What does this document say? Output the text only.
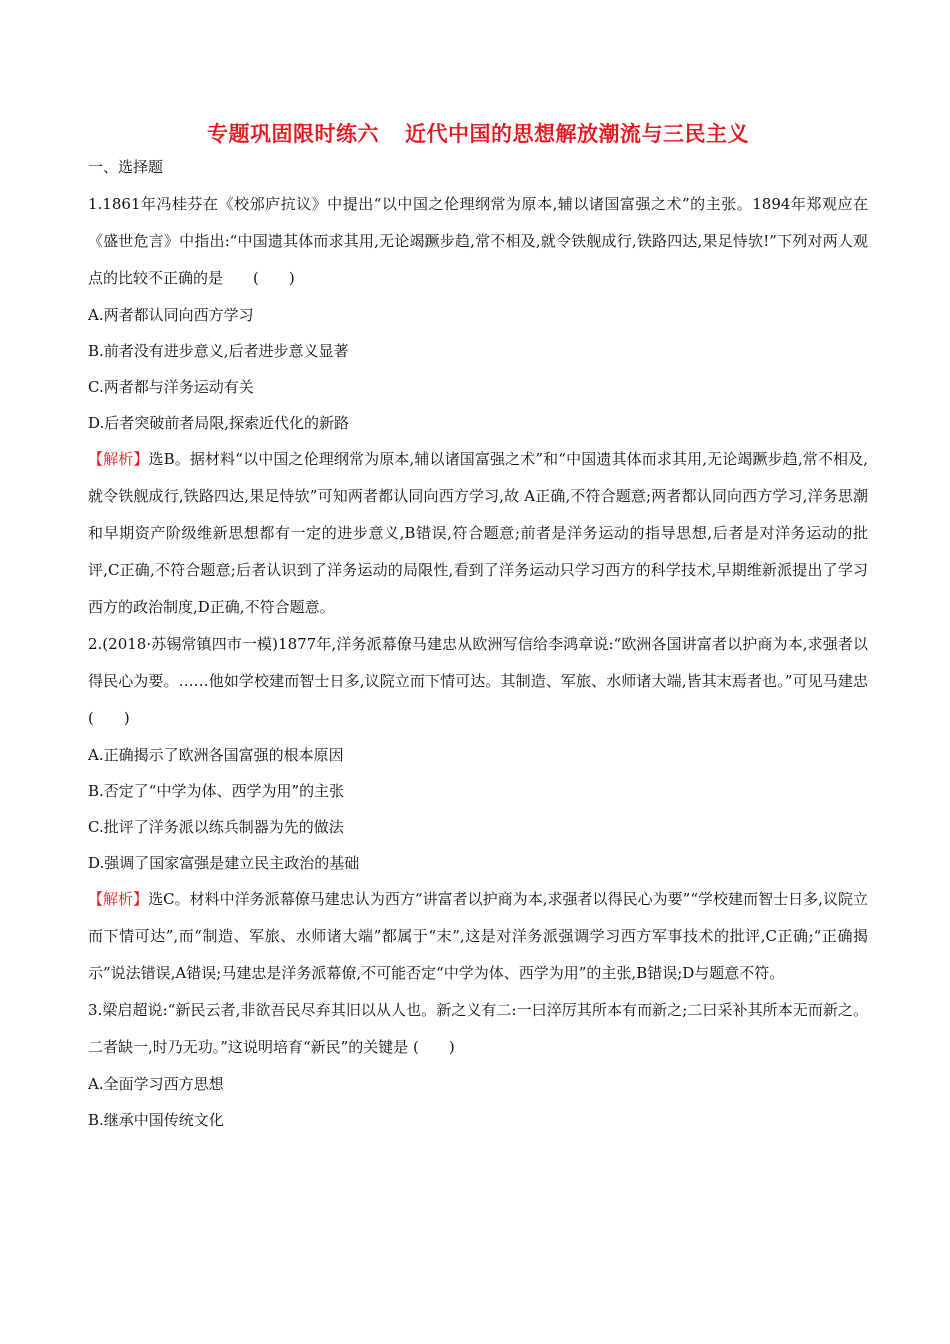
专题巩固限时练六 近代中国的思想解放潮流与三民主义
一、选择题

1.1861年冯桂芬在《校邠庐抗议》中提出“以中国之伦理纲常为原本,辅以诸国富强之术”的主张。1894年郑观应在《盛世危言》中指出:“中国遗其体而求其用,无论竭蹶步趋,常不相及,就令铁舰成行,铁路四达,果足恃欤!”下列对两人观点的比较不正确的是　　(　　)

A.两者都认同向西方学习

B.前者没有进步意义,后者进步意义显著

C.两者都与洋务运动有关

D.后者突破前者局限,探索近代化的新路

【解析】选B。据材料“以中国之伦理纲常为原本,辅以诸国富强之术”和“中国遗其体而求其用,无论竭蹶步趋,常不相及,就令铁舰成行,铁路四达,果足恃欤”可知两者都认同向西方学习,故 A正确,不符合题意;两者都认同向西方学习,洋务思潮和早期资产阶级维新思想都有一定的进步意义,B错误,符合题意;前者是洋务运动的指导思想,后者是对洋务运动的批评,C正确,不符合题意;后者认识到了洋务运动的局限性,看到了洋务运动只学习西方的科学技术,早期维新派提出了学习西方的政治制度,D正确,不符合题意。

2.(2018·苏锡常镇四市一模)1877年,洋务派幕僚马建忠从欧洲写信给李鸿章说:“欧洲各国讲富者以护商为本,求强者以得民心为要。……他如学校建而智士日多,议院立而下情可达。其制造、军旅、水师诸大端,皆其末焉者也。”可见马建忠 (　　)

A.正确揭示了欧洲各国富强的根本原因

B.否定了“中学为体、西学为用”的主张

C.批评了洋务派以练兵制器为先的做法

D.强调了国家富强是建立民主政治的基础

【解析】选C。材料中洋务派幕僚马建忠认为西方“讲富者以护商为本,求强者以得民心为要”“学校建而智士日多,议院立而下情可达”,而“制造、军旅、水师诸大端”都属于“末”,这是对洋务派强调学习西方军事技术的批评,C正确;“正确揭示”说法错误,A错误;马建忠是洋务派幕僚,不可能否定“中学为体、西学为用”的主张,B错误;D与题意不符。

3.梁启超说:“新民云者,非欲吾民尽弃其旧以从人也。新之义有二:一曰淬厉其所本有而新之;二曰采补其所本无而新之。二者缺一,时乃无功。”这说明培育“新民”的关键是 (　　)

A.全面学习西方思想

B.继承中国传统文化
